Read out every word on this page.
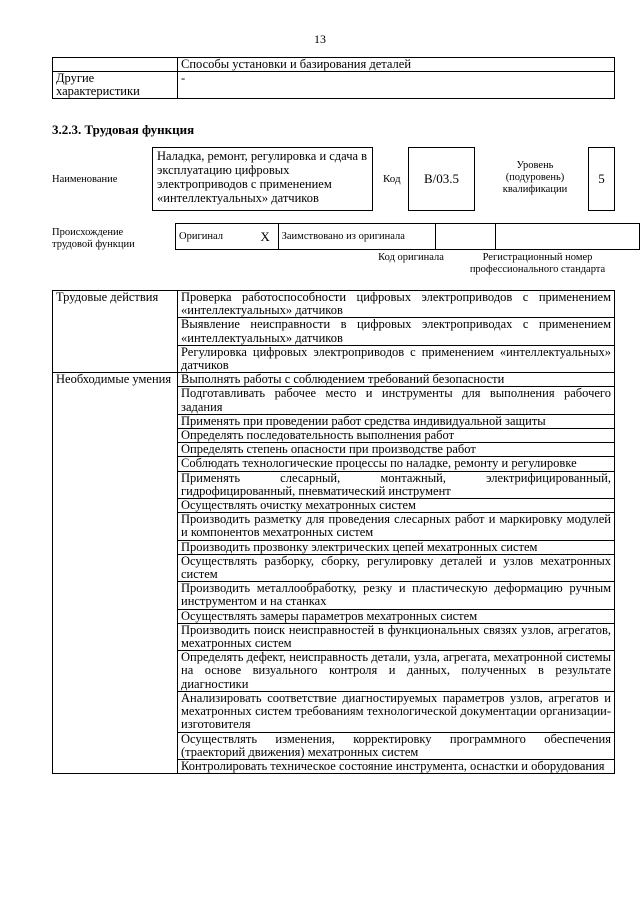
13
	Способы установки и базирования деталей
Другие характеристики	-
3.2.3. Трудовая функция
Наименование
Наладка, ремонт, регулировка и сдача в эксплуатацию цифровых электроприводов с применением «интеллектуальных» датчиков
Код	B/03.5
Уровень (подуровень) квалификации
5
Происхождение трудовой функции
Оригинал	X	Заимствовано из оригинала		
Код оригинала	Регистрационный номер профессионального стандарта
Трудовые действия	Проверка работоспособности цифровых электроприводов с применением «интеллектуальных» датчиков
	Выявление неисправности в цифровых электроприводах с применением «интеллектуальных» датчиков
	Регулировка цифровых электроприводов с применением «интеллектуальных» датчиков
Необходимые умения	Выполнять работы с соблюдением требований безопасности
	Подготавливать рабочее место и инструменты для выполнения рабочего задания
	Применять при проведении работ средства индивидуальной защиты
	Определять последовательность выполнения работ
	Определять степень опасности при производстве работ
	Соблюдать технологические процессы по наладке, ремонту и регулировке
	Применять слесарный, монтажный, электрифицированный, гидрофицированный, пневматический инструмент
	Осуществлять очистку мехатронных систем
	Производить разметку для проведения слесарных работ и маркировку модулей и компонентов мехатронных систем
	Производить прозвонку электрических цепей мехатронных систем
	Осуществлять разборку, сборку, регулировку деталей и узлов мехатронных систем
	Производить металлообработку, резку и пластическую деформацию ручным инструментом и на станках
	Осуществлять замеры параметров мехатронных систем
	Производить поиск неисправностей в функциональных связях узлов, агрегатов, мехатронных систем
	Определять дефект, неисправность детали, узла, агрегата, мехатронной системы на основе визуального контроля и данных, полученных в результате диагностики
	Анализировать соответствие диагностируемых параметров узлов, агрегатов и мехатронных систем требованиям технологической документации организации-изготовителя
	Осуществлять изменения, корректировку программного обеспечения (траекторий движения) мехатронных систем
	Контролировать техническое состояние инструмента, оснастки и оборудования
